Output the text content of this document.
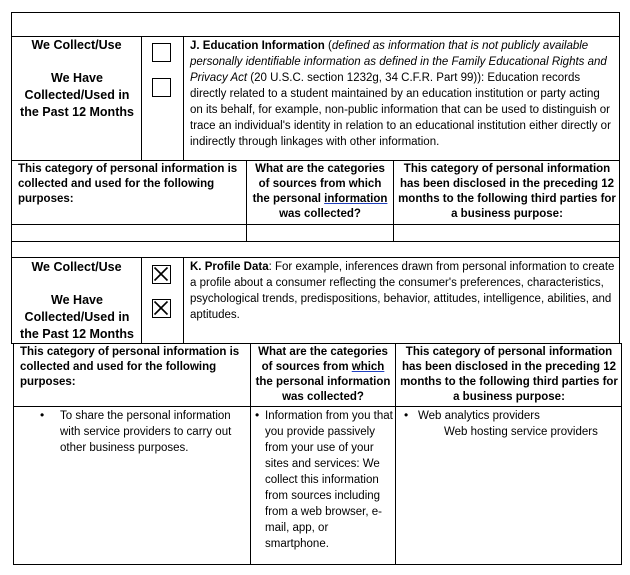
We Collect/Use
We Have Collected/Used in the Past 12 Months
J. Education Information (defined as information that is not publicly available personally identifiable information as defined in the Family Educational Rights and Privacy Act (20 U.S.C. section 1232g, 34 C.F.R. Part 99)): Education records directly related to a student maintained by an education institution or party acting on its behalf, for example, non-public information that can be used to distinguish or trace an individual's identity in relation to an educational institution either directly or indirectly through linkages with other information.
This category of personal information is collected and used for the following purposes:
What are the categories of sources from which the personal information was collected?
This category of personal information has been disclosed in the preceding 12 months to the following third parties for a business purpose:
We Collect/Use
We Have Collected/Used in the Past 12 Months
K. Profile Data: For example, inferences drawn from personal information to create a profile about a consumer reflecting the consumer's preferences, characteristics, psychological trends, predispositions, behavior, attitudes, intelligence, abilities, and aptitudes.
This category of personal information is collected and used for the following purposes:
What are the categories of sources from which the personal information was collected?
This category of personal information has been disclosed in the preceding 12 months to the following third parties for a business purpose:
•	To share the personal information with service providers to carry out other business purposes.
• Information from you that you provide passively from your use of your sites and services: We collect this information from sources including from a web browser, e-mail, app, or smartphone.
• Web analytics providers
Web hosting service providers
